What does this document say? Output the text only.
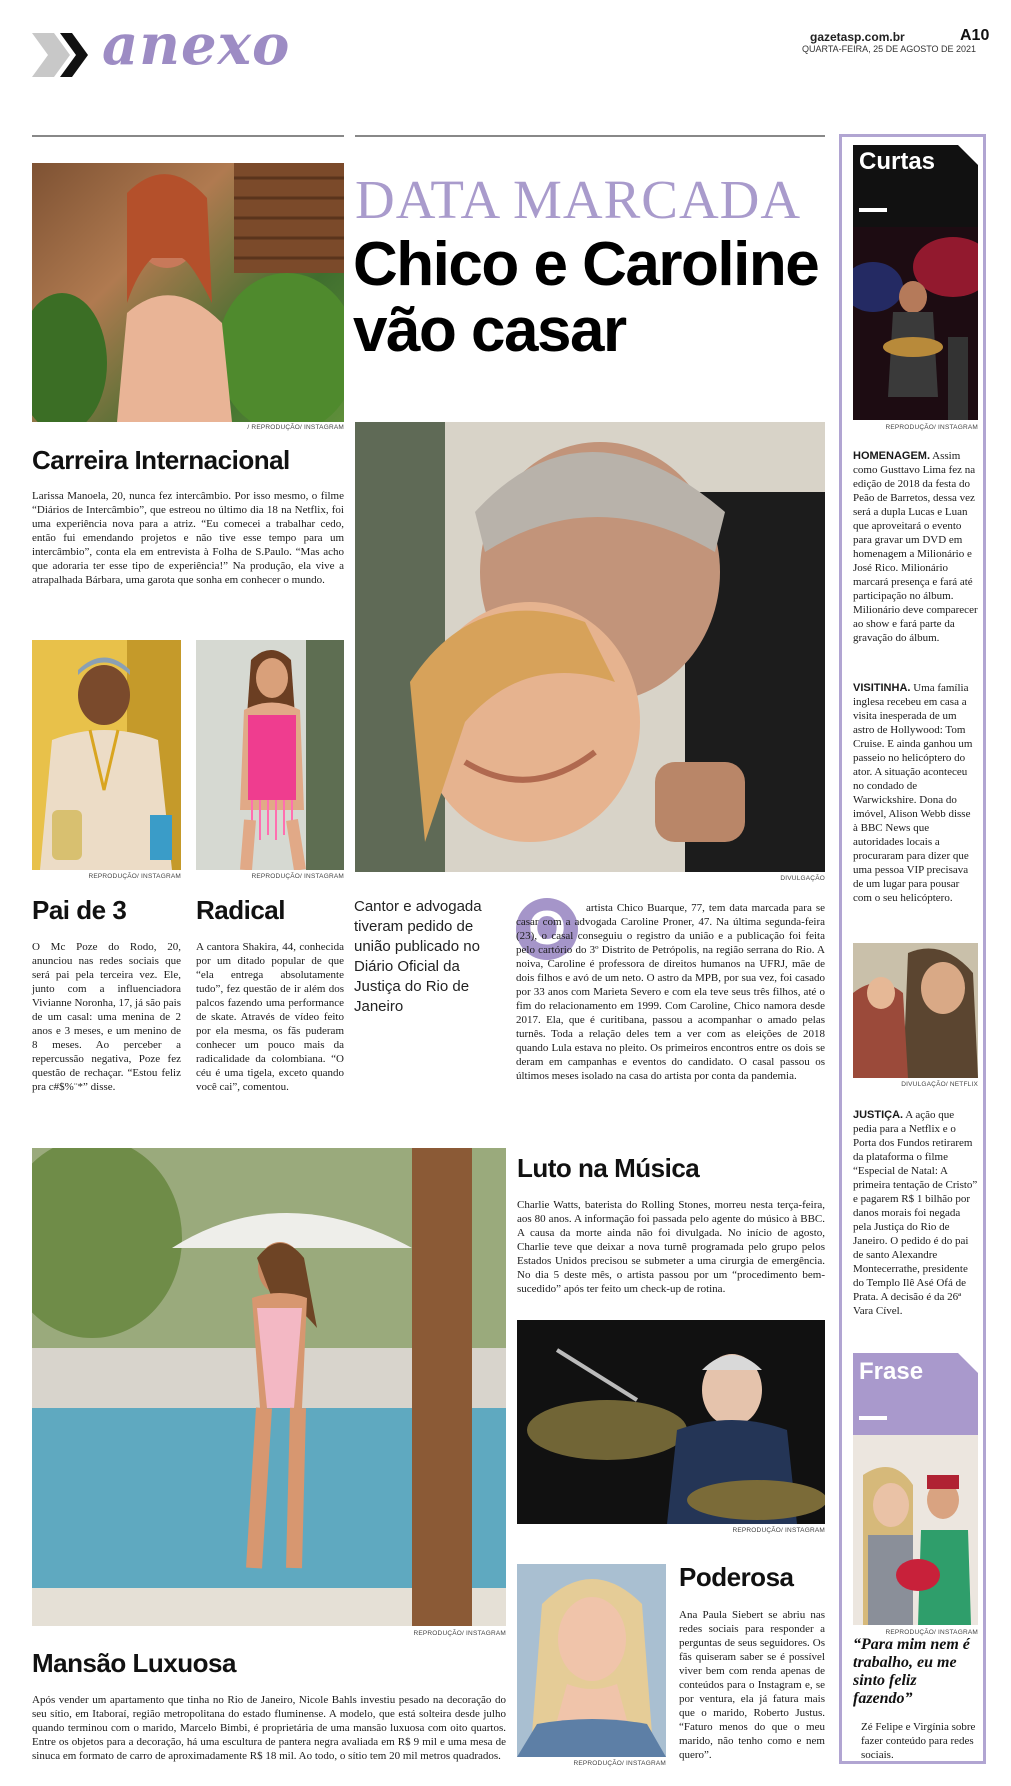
anexo	gazetasp.com.br	A10
QUARTA-FEIRA, 25 DE AGOSTO DE 2021
/ REPRODUÇÃO/ INSTAGRAM
Carreira Internacional
Larissa Manoela, 20, nunca fez intercâmbio. Por isso mesmo, o filme “Diários de Intercâmbio”, que estreou no último dia 18 na Netflix, foi uma experiência nova para a atriz. “Eu comecei a trabalhar cedo, então fui emendando projetos e não tive esse tempo para um intercâmbio”, conta ela em entrevista à Folha de S.Paulo. “Mas acho que adoraria ter esse tipo de experiência!” Na produção, ela vive a atrapalhada Bárbara, uma garota que sonha em conhecer o mundo.
REPRODUÇÃO/ INSTAGRAM
Pai de 3
O Mc Poze do Rodo, 20, anunciou nas redes sociais que será pai pela terceira vez. Ele, junto com a influenciadora Vivianne Noronha, 17, já são pais de um casal: uma menina de 2 anos e 3 meses, e um menino de 8 meses. Ao perceber a repercussão negativa, Poze fez questão de rechaçar. “Estou feliz pra c#$%¨*” disse.
REPRODUÇÃO/ INSTAGRAM
Radical
A cantora Shakira, 44, conhecida por um ditado popular de que “ela entrega absolutamente tudo”, fez questão de ir além dos palcos fazendo uma performance de skate. Através de vídeo feito por ela mesma, os fãs puderam conhecer um pouco mais da radicalidade da colombiana. “O céu é uma tigela, exceto quando você cai”, comentou.
DATA MARCADA
Chico e Caroline vão casar
DIVULGAÇÃO
Cantor e advogada tiveram pedido de união publicado no Diário Oficial da Justiça do Rio de Janeiro
O	artista Chico Buarque, 77, tem data marcada para se casar com a advogada Caroline Proner, 47. Na última segunda-feira (23), o casal conseguiu o registro da união e a publicação foi feita pelo cartório do 3º Distrito de Petrópolis, na região serrana do Rio. A noiva, Caroline é professora de direitos humanos na UFRJ, mãe de dois filhos e avó de um neto. O astro da MPB, por sua vez, foi casado por 33 anos com Marieta Severo e com ela teve seus três filhos, até o fim do relacionamento em 1999. Com Caroline, Chico namora desde 2017. Ela, que é curitibana, passou a acompanhar o amado pelas turnês. Toda a relação deles tem a ver com as eleições de 2018 quando Lula estava no pleito. Os primeiros encontros entre os dois se deram em campanhas e eventos do candidato. O casal passou os últimos meses isolado na casa do artista por conta da pandemia.
REPRODUÇÃO/ INSTAGRAM
Mansão Luxuosa
Após vender um apartamento que tinha no Rio de Janeiro, Nicole Bahls investiu pesado na decoração do seu sítio, em Itaboraí, região metropolitana do estado fluminense. A modelo, que está solteira desde julho quando terminou com o marido, Marcelo Bimbi, é proprietária de uma mansão luxuosa com oito quartos. Entre os objetos para a decoração, há uma escultura de pantera negra avaliada em R$ 9 mil e uma mesa de sinuca em formato de carro de aproximadamente R$ 18 mil. Ao todo, o sítio tem 20 mil metros quadrados.
Luto na Música
Charlie Watts, baterista do Rolling Stones, morreu nesta terça-feira, aos 80 anos. A informação foi passada pelo agente do músico à BBC. A causa da morte ainda não foi divulgada. No início de agosto, Charlie teve que deixar a nova turnê programada pelo grupo pelos Estados Unidos precisou se submeter a uma cirurgia de emergência. No dia 5 deste mês, o artista passou por um “procedimento bem-sucedido” após ter feito um check-up de rotina.
REPRODUÇÃO/ INSTAGRAM
REPRODUÇÃO/ INSTAGRAM
Poderosa
Ana Paula Siebert se abriu nas redes sociais para responder a perguntas de seus seguidores. Os fãs quiseram saber se é possível viver bem com renda apenas de conteúdos para o Instagram e, se por ventura, ela já fatura mais que o marido, Roberto Justus. “Faturo menos do que o meu marido, não tenho como e nem quero”.
Curtas
REPRODUÇÃO/ INSTAGRAM
HOMENAGEM. Assim como Gusttavo Lima fez na edição de 2018 da festa do Peão de Barretos, dessa vez será a dupla Lucas e Luan que aproveitará o evento para gravar um DVD em homenagem a Milionário e José Rico. Milionário marcará presença e fará até participação no álbum. Milionário deve comparecer ao show e fará parte da gravação do álbum.
VISITINHA. Uma família inglesa recebeu em casa a visita inesperada de um astro de Hollywood: Tom Cruise. E ainda ganhou um passeio no helicóptero do ator. A situação aconteceu no condado de Warwickshire. Dona do imóvel, Alison Webb disse à BBC News que autoridades locais a procuraram para dizer que uma pessoa VIP precisava de um lugar para pousar com o seu helicóptero.
DIVULGAÇÃO/ NETFLIX
JUSTIÇA. A ação que pedia para a Netflix e o Porta dos Fundos retirarem da plataforma o filme “Especial de Natal: A primeira tentação de Cristo” e pagarem R$ 1 bilhão por danos morais foi negada pela Justiça do Rio de Janeiro. O pedido é do pai de santo Alexandre Montecerrathe, presidente do Templo Ilê Asé Ofá de Prata. A decisão é da 26ª Vara Cível.
Frase
REPRODUÇÃO/ INSTAGRAM
“Para mim nem é trabalho, eu me sinto feliz fazendo”
Zé Felipe e Virgínia sobre fazer conteúdo para redes sociais.
